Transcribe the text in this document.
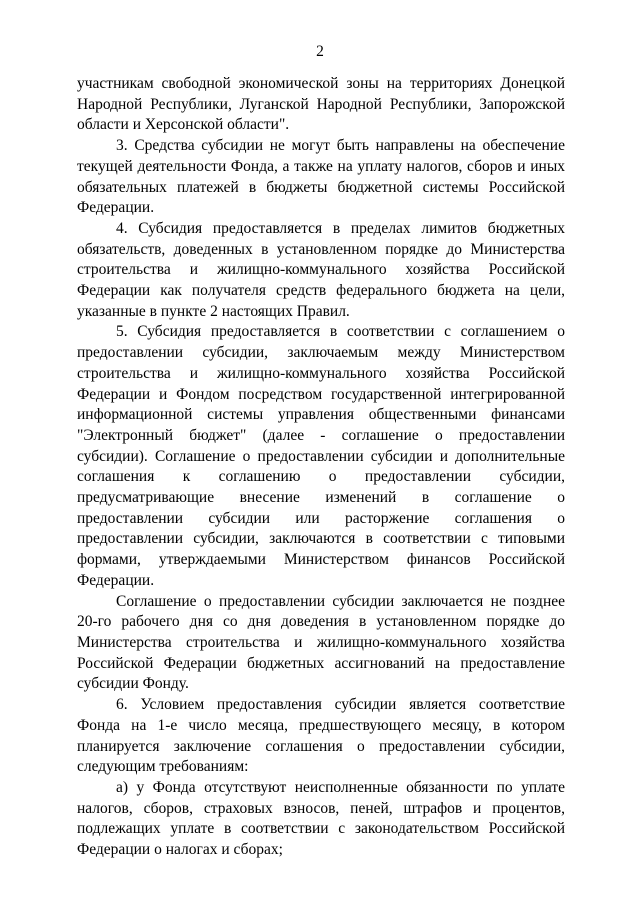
2

участникам свободной экономической зоны на территориях Донецкой Народной Республики, Луганской Народной Республики, Запорожской области и Херсонской области".

3. Средства субсидии не могут быть направлены на обеспечение текущей деятельности Фонда, а также на уплату налогов, сборов и иных обязательных платежей в бюджеты бюджетной системы Российской Федерации.

4. Субсидия предоставляется в пределах лимитов бюджетных обязательств, доведенных в установленном порядке до Министерства строительства и жилищно-коммунального хозяйства Российской Федерации как получателя средств федерального бюджета на цели, указанные в пункте 2 настоящих Правил.

5. Субсидия предоставляется в соответствии с соглашением о предоставлении субсидии, заключаемым между Министерством строительства и жилищно-коммунального хозяйства Российской Федерации и Фондом посредством государственной интегрированной информационной системы управления общественными финансами "Электронный бюджет" (далее - соглашение о предоставлении субсидии). Соглашение о предоставлении субсидии и дополнительные соглашения к соглашению о предоставлении субсидии, предусматривающие внесение изменений в соглашение о предоставлении субсидии или расторжение соглашения о предоставлении субсидии, заключаются в соответствии с типовыми формами, утверждаемыми Министерством финансов Российской Федерации.

Соглашение о предоставлении субсидии заключается не позднее 20-го рабочего дня со дня доведения в установленном порядке до Министерства строительства и жилищно-коммунального хозяйства Российской Федерации бюджетных ассигнований на предоставление субсидии Фонду.

6. Условием предоставления субсидии является соответствие Фонда на 1-е число месяца, предшествующего месяцу, в котором планируется заключение соглашения о предоставлении субсидии, следующим требованиям:

а) у Фонда отсутствуют неисполненные обязанности по уплате налогов, сборов, страховых взносов, пеней, штрафов и процентов, подлежащих уплате в соответствии с законодательством Российской Федерации о налогах и сборах;
